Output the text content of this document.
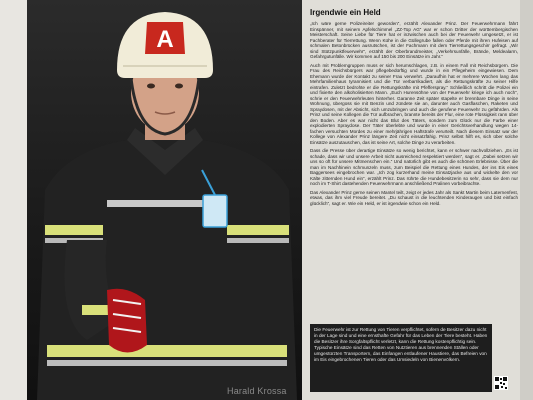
A
Harald Krossa
Irgendwie ein Held

„Ich wäre gerne Polizeireiter geworden“, erzählt Alexander Prinz. Der Feuerwehrmann fährt Einspänner, mit seinem Apfelschimmel „ZZ-Top AG“ war er schon Dritter der württembergischen Meisterschaft. Seine Liebe für Tiere hat er inzwischen auch bei der Feuerwehr umgesetzt, er ist Fachberater für Tierrettung. Wenn Kühe in die Güllegrube fallen oder Pferde mit ihren Hufeisen auf schmalen Betonbrücken ausrutschen, ist der Fachmann mit dem Tierrettungsgeschirr gefragt. „Wir sind Stützpunktfeuerwehr“, erzählt der Oberbrandmeister, „Verkehrsunfälle, Brände, Meldealarm, Gefahrgutunfälle. Wir kommen auf 150 bis 200 Einsätze im Jahr.“

Auch mit Problemgruppen muss er sich herumschlagen, z.B. in einem Fall mit Reichsbürgern. Die Frau des Reichsbürgers war pflegebedürftig und wurde in ein Pflegeheim eingewiesen. Dem Ehemann wurde der Kontakt zu seiner Frau verwehrt. „Daraufhin hat er mehrere Wochen lang das Mehrfamilienhaus tyrannisiert und die Tür verbarrikadiert, als die Rettungskräfte zu seiner Hilfe eintrafen. Zuletzt bedrohte er die Rettungskräfte mit Pfefferspray.“ Schließlich schritt die Polizei ein und fixierte den alkoholisierten Mann. „Euch Hurensöhne von der Feuerwehr kriege ich auch noch“, schrie er den Feuerwehrleuten hinterher. Garanne Zeit später stapelte er brennbare Dinge in seine Wohnung, übergoss sie mit Benzin und zündete sie an, darunter auch Gasflaschen, Raketen und Spraydosen, mit der Absicht, sich umzubringen und auch die gerufene Feuerwehr zu gefährden. Als Prinz und seine Kollegen die Tür aufbrachen, brannte bereits der Flur, eine rote Flüssigkeit rann über den Boden. Aber es war nicht das Blut des Täters, sondern zum Glück nur die Farbe einer explodierten Spraydose. Der Täter überlebte und wurde in einer Gerichtsverhandlung wegen 14-fachen versuchten Mordes zu einer mehrjährigen Haftstrafe verurteilt. Nach diesem Einsatz war der Kollege von Alexander Prinz längere Zeit nicht einsatzfähig. Prinz selbst hilft es, sich über solche Einsätze auszutauschen, das ist seine Art, solche Dinge zu verarbeiten.

Dass die Presse über derartige Einsätze so wenig berichtet, kann er schwer nachvollziehen. „Es ist schade, dass wir und unsere Arbeit nicht ausreichend respektiert werden“, sagt er. „Dabei setzen wir uns so oft für unsere Mitmenschen ein.“ Und natürlich gibt es auch die schönen Erlebnisse. Über die man im Nachhinein schmunzeln muss, zum Beispiel die Rettung eines Hundes, der ins Eis eines Baggersees eingebrochen war. „Ich zog kurzerhand meine Einsatzjacke aus und wickelte den vor Kälte zitternden Hund ein“, erzählt Prinz. Das rührte die Hundebesitzerin so sehr, dass sie dem nur noch im T-Shirt dastehenden Feuerwehrmann anschließend Pralinen vorbeibrachte.

Das Alexander Prinz gerne seinen Mantel teilt, zeigt er jedes Jahr als Sankt Martin beim Laternenfest, etwas, das ihm viel Freude bereitet. „Du schaust in die leuchtenden Kinderaugen und bist einfach glücklich“, sagt er. Wie ein Held, er ist irgendwie schon ein Held.

Die Feuerwehr ist zur Rettung von Tieren verpflichtet, sofern de Besitzer dazu nicht in der Lage sind und eine ernsthafte Gefahr für das Leben der Tiere besteht. Haben die Besitzer ihre Sorgfaltspflicht verletzt, kann die Rettung kostenpflichtig sein. Typische Einsätze sind das Retten von Nutztieren aus brennenden Ställen oder umgestürzten Transportern, das Einfangen entlaufener Haustiere, das Befreien von im Eis eingebrochenen Tieren oder das Umsiedeln von Bienenvölkern.
